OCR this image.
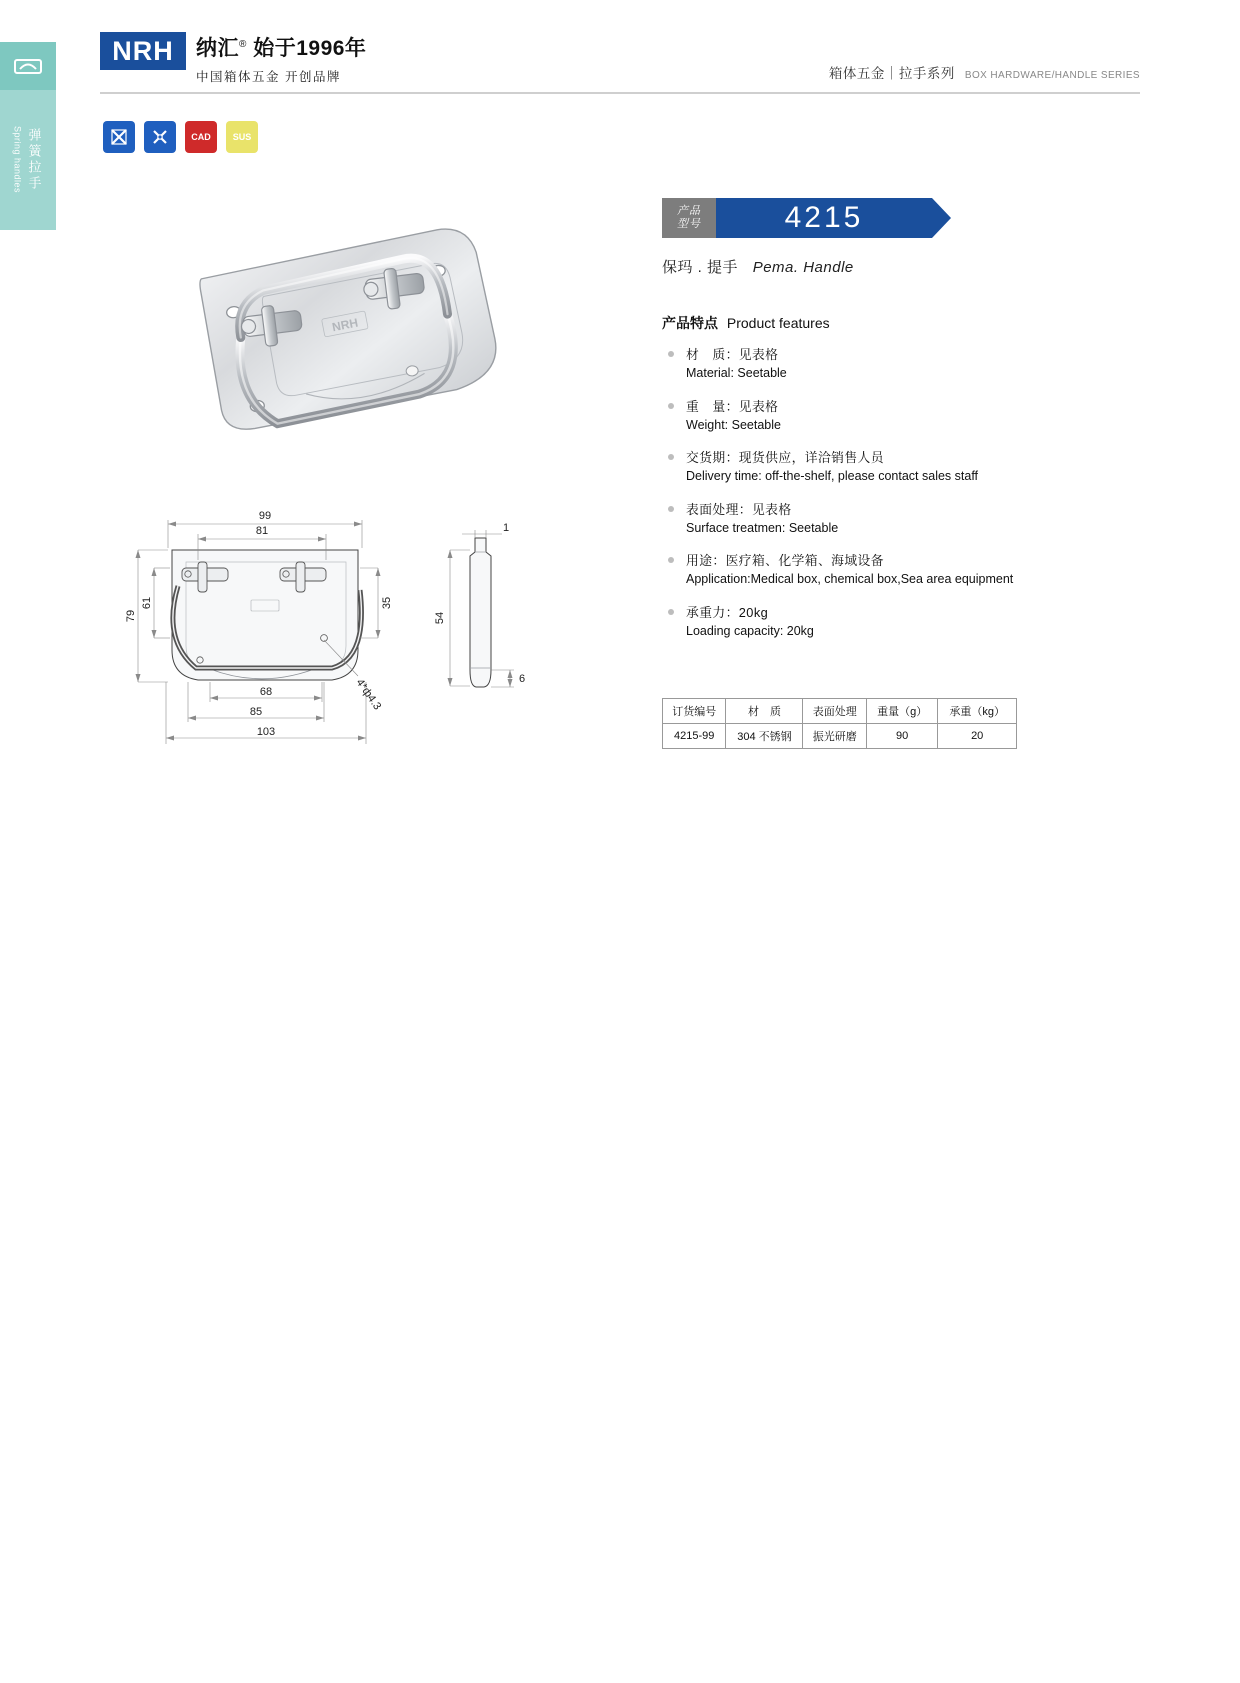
弹簧拉手
Spring handles
NRH	纳汇® 始于1996年
中国箱体五金 开创品牌	箱体五金｜拉手系列 BOX HARDWARE/HANDLE SERIES
CAD	SUS
NRH
99
81
61
79
35
68
85
103
4*ф4.3
1
54
6
产品
型号	4215
保玛 . 提手 Pema. Handle
产品特点 Product features
材　质：见表格
Material: Seetable
重　量：见表格
Weight: Seetable
交货期：现货供应，详洽销售人员
Delivery time: off-the-shelf, please contact sales staff
表面处理：见表格
Surface treatmen: Seetable
用途：医疗箱、化学箱、海域设备
Application:Medical box, chemical box,Sea area equipment
承重力：20kg
Loading capacity: 20kg
订货编号	材　质	表面处理	重量（g）	承重（kg）
4215-99	304 不锈钢	振光研磨	90	20
